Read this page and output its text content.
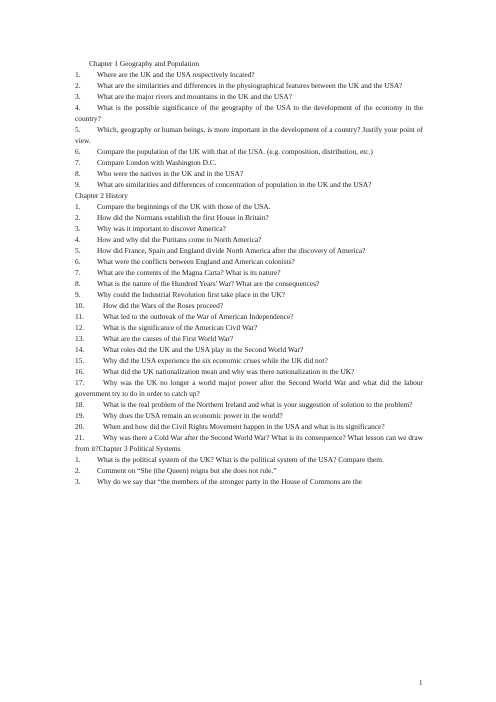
Chapter 1 Geography and Population
1. Where are the UK and the USA respectively located?
2. What are the similarities and differences in the physiographical features between the UK and the USA?
3. What are the major rivers and mountains in the UK and the USA?
4. What is the possible significance of the geography of the USA to the development of the economy in the country?
5. Which, geography or human beings, is more important in the development of a country? Justify your point of view.
6. Compare the population of the UK with that of the USA. (e.g. composition, distribution, etc.)
7. Compare London with Washington D.C.
8. Who were the natives in the UK and in the USA?
9. What are similarities and differences of concentration of population in the UK and the USA?
Chapter 2 History
1. Compare the beginnings of the UK with those of the USA.
2. How did the Normans establish the first House in Britain?
3. Why was it important to discover America?
4. How and why did the Puritans come to North America?
5. How did France, Spain and England divide North America after the discovery of America?
6. What were the conflicts between England and American colonists?
7. What are the contents of the Magna Carta? What is its nature?
8. What is the nature of the Hundred Years' War? What are the consequences?
9. Why could the Industrial Revolution first take place in the UK?
10.	How did the Wars of the Roses proceed?
11.	What led to the outbreak of the War of American Independence?
12.	What is the significance of the American Civil War?
13.	What are the causes of the First World War?
14.	What roles did the UK and the USA play in the Second World War?
15.	Why did the USA experience the six economic crises while the UK did not?
16.	What did the UK nationalization mean and why was there nationalization in the UK?
17.	Why was the UK no longer a world major power after the Second World War and what did the labour government try to do in order to catch up?
18.	What is the real problem of the Northern Ireland and what is your suggestion of solution to the problem?
19.	Why does the USA remain an economic power in the world?
20.	When and how did the Civil Rights Movement happen in the USA and what is its significance?
21.	Why was there a Cold War after the Second World War? What is its consequence? What lesson can we draw from it?Chapter 3 Political Systems
1. What is the political system of the UK? What is the political system of the USA? Compare them.
2. Comment on “She (the Queen) reigns but she does not rule.”
3. Why do we say that “the members of the stronger party in the House of Commons are the
1
